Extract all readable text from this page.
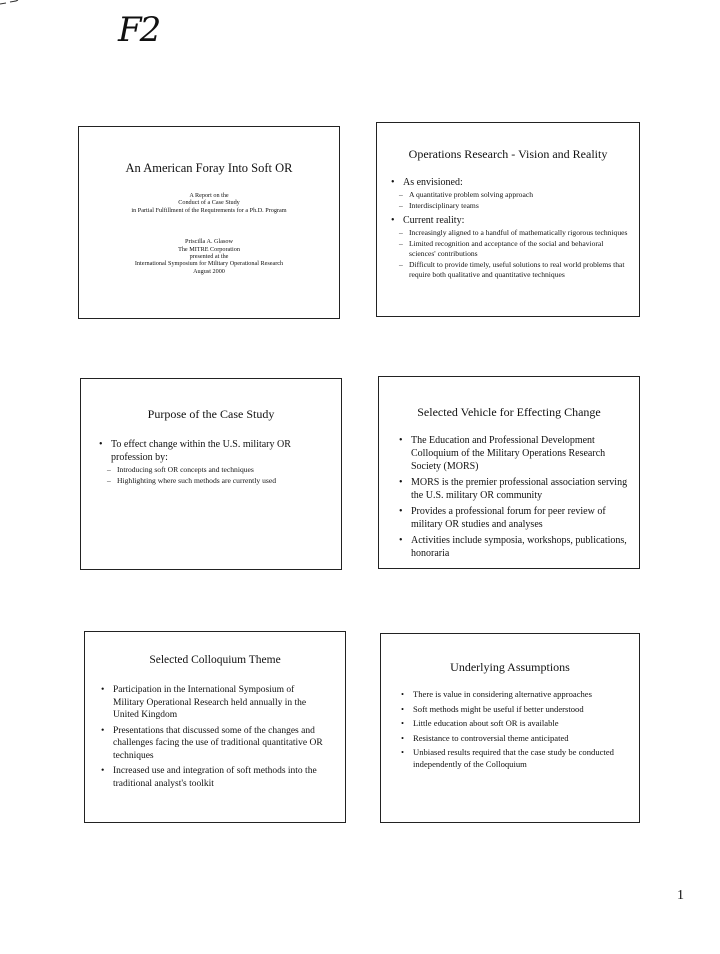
F2

An American Foray Into Soft OR

A Report on the

Conduct of a Case Study

in Partial Fulfillment of the Requirements for a Ph.D. Program

Priscilla A. Glasow

The MITRE Corporation

presented at the

International Symposium for Military Operational Research

August 2000

Operations Research - Vision and Reality

• As envisioned:
– A quantitative problem solving approach
– Interdisciplinary teams
• Current reality:
– Increasingly aligned to a handful of mathematically rigorous techniques
– Limited recognition and acceptance of the social and behavioral sciences' contributions
– Difficult to provide timely, useful solutions to real world problems that require both qualitative and quantitative techniques

Purpose of the Case Study

• To effect change within the U.S. military OR profession by:
– Introducing soft OR concepts and techniques
– Highlighting where such methods are currently used

Selected Vehicle for Effecting Change

• The Education and Professional Development Colloquium of the Military Operations Research Society (MORS)
• MORS is the premier professional association serving the U.S. military OR community
• Provides a professional forum for peer review of military OR studies and analyses
• Activities include symposia, workshops, publications, honoraria

Selected Colloquium Theme

• Participation in the International Symposium of Military Operational Research held annually in the United Kingdom
• Presentations that discussed some of the changes and challenges facing the use of traditional quantitative OR techniques
• Increased use and integration of soft methods into the traditional analyst's toolkit

Underlying Assumptions

• There is value in considering alternative approaches
• Soft methods might be useful if better understood
• Little education about soft OR is available
• Resistance to controversial theme anticipated
• Unbiased results required that the case study be conducted independently of the Colloquium
1
